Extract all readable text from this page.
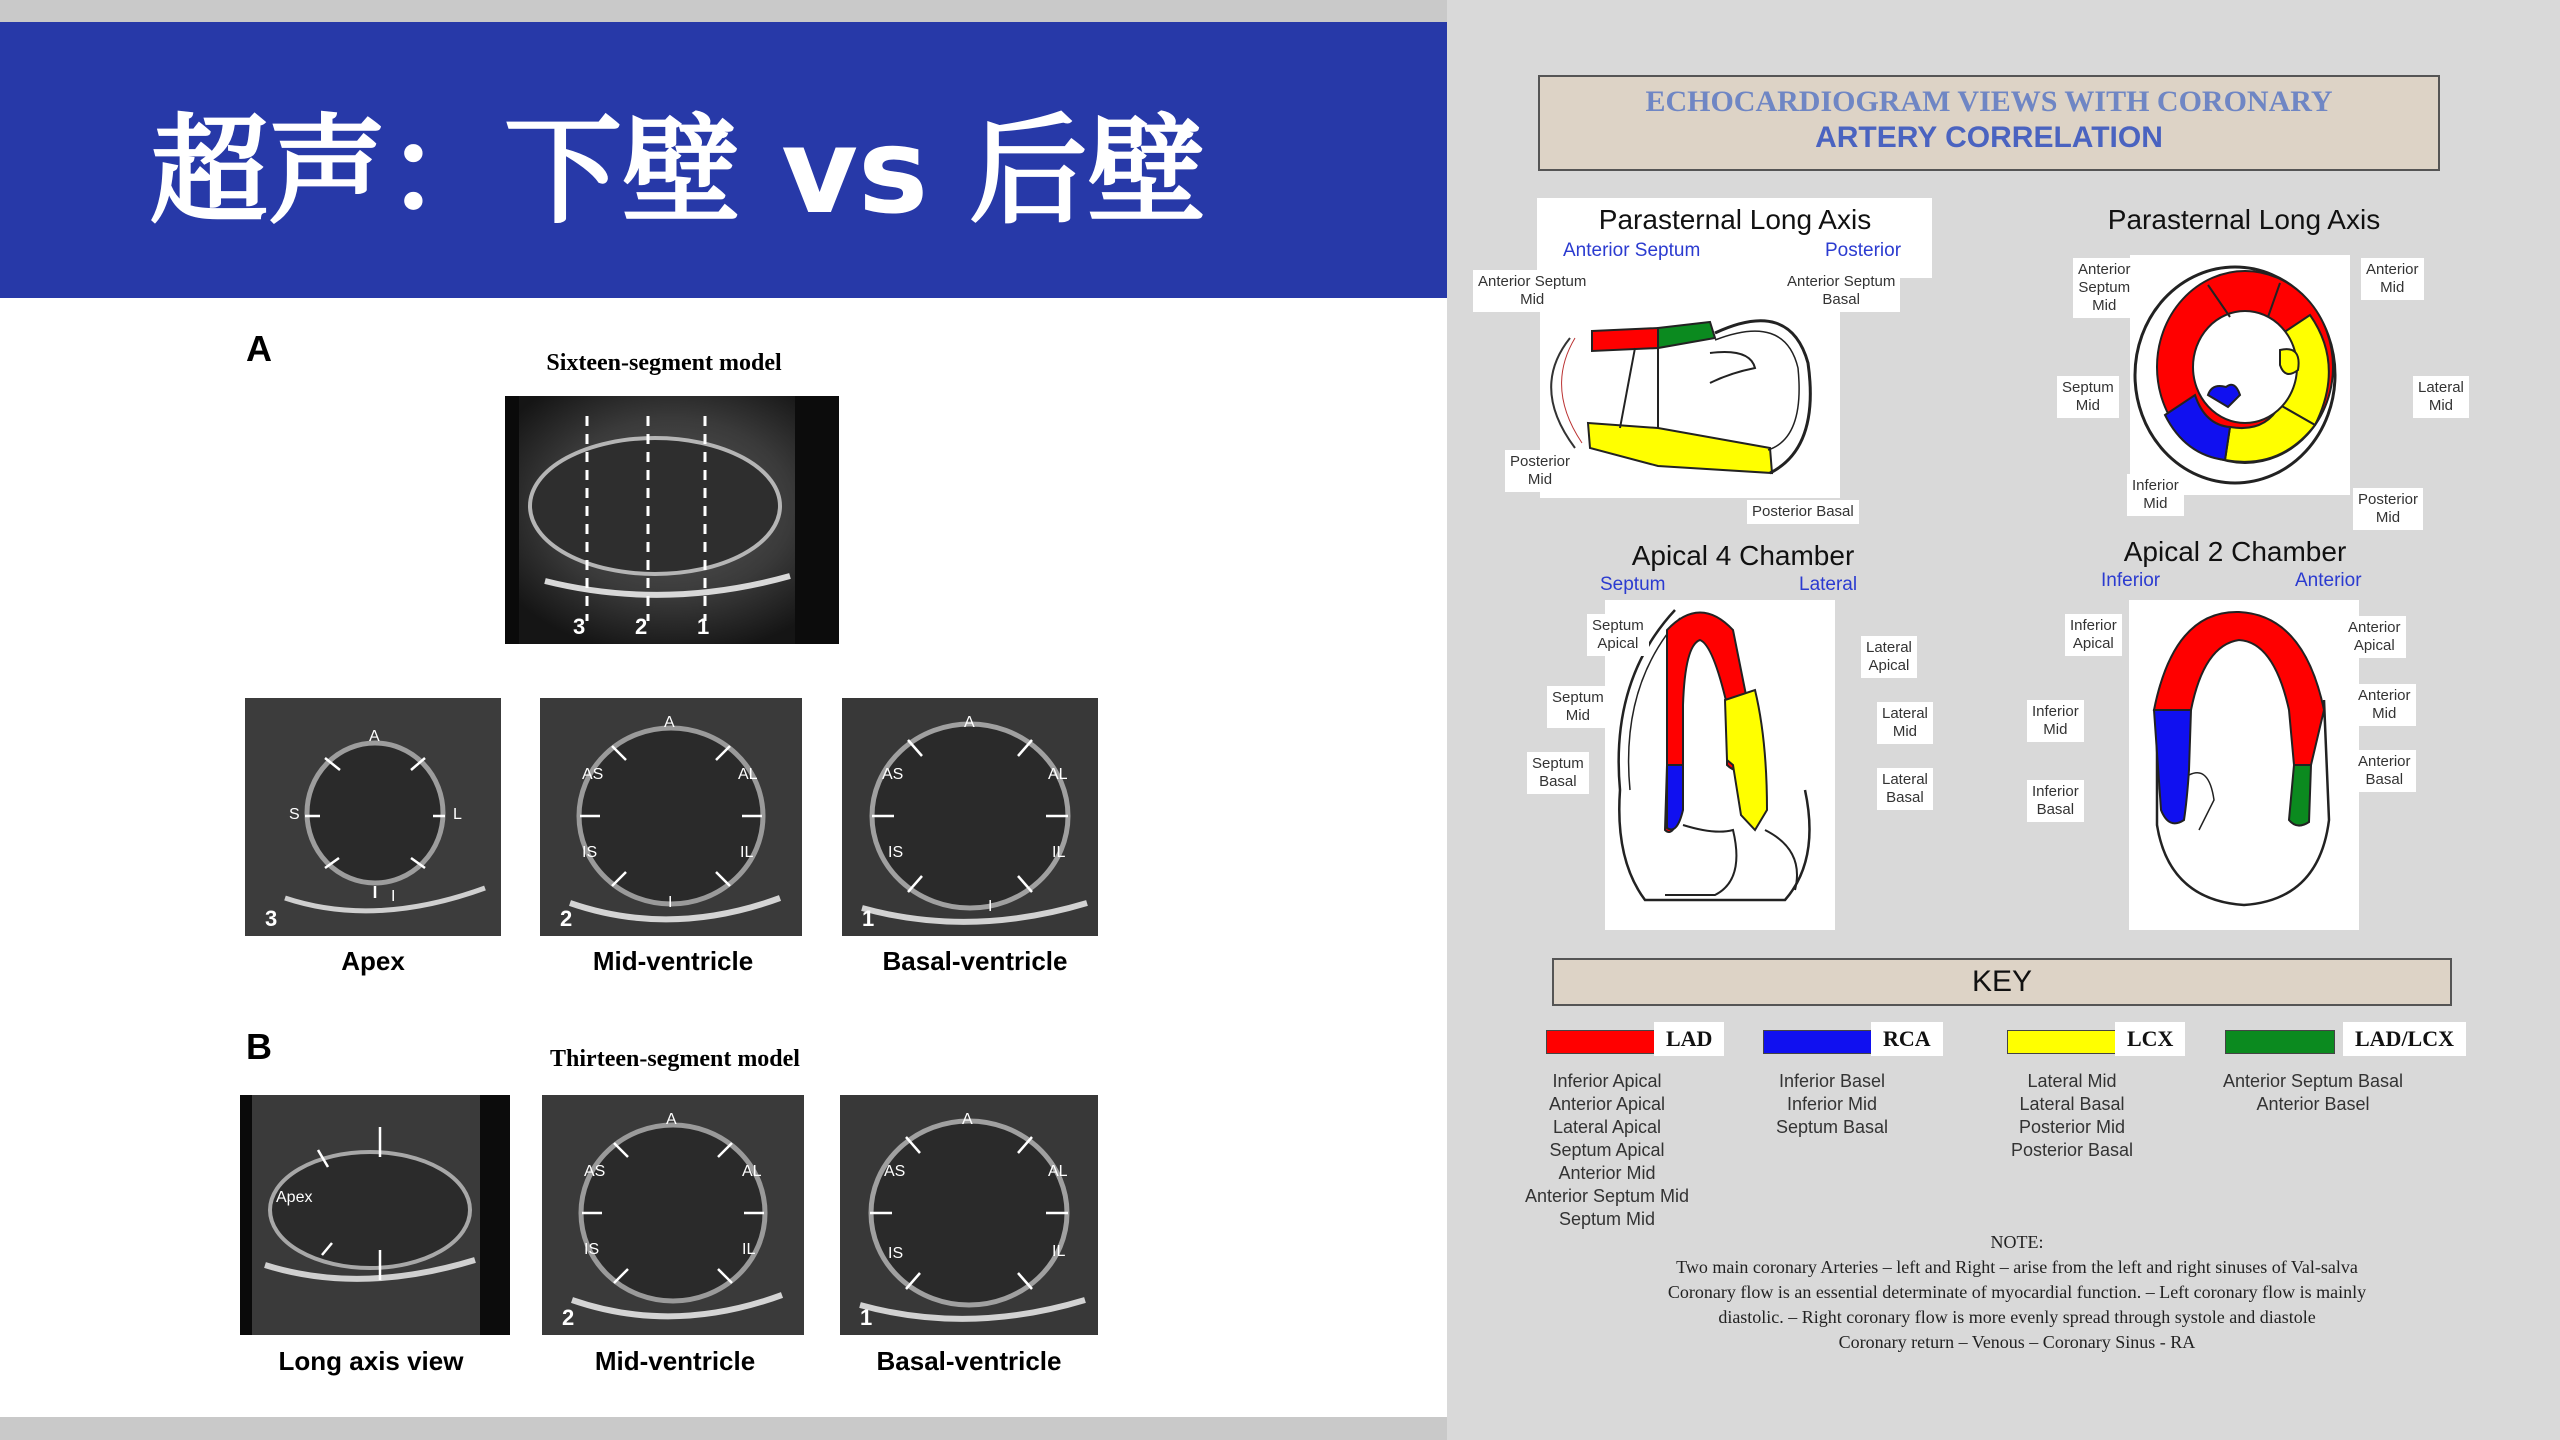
超声：下壁 vs 后壁
A	Sixteen-segment model
3 2 1
A
S	L
I
3
Apex
A
AS	AL
IS	IL
I
2
Mid-ventricle
A
AS	AL
IS	IL
I
1
Basal-ventricle
B	Thirteen-segment model
Apex
Long axis view
A
AS	AL
IS	IL
2
Mid-ventricle
A
AS	AL
IS	IL
1
Basal-ventricle
ECHOCARDIOGRAM VIEWS WITH CORONARY
ARTERY CORRELATION
Parasternal Long Axis
Anterior Septum	Posterior
Anterior Septum
Mid
Anterior Septum
Basal
Posterior
Mid
Posterior Basal
Parasternal Long Axis
Anterior
Septum
Mid
Anterior
Mid
Septum
Mid
Lateral
Mid
Inferior
Mid	Posterior
Mid
Apical 4 Chamber
Septum	Lateral
Septum
Apical
Septum
Mid
Septum
Basal
Lateral
Apical
Lateral
Mid
Lateral
Basal
Apical 2 Chamber
Inferior	Anterior
Inferior
Apical
Inferior
Mid
Inferior
Basal
Anterior
Apical
Anterior
Mid
Anterior
Basal
KEY
LAD
Inferior Apical
Anterior Apical
Lateral Apical
Septum Apical
Anterior Mid
Anterior Septum Mid
Septum Mid
RCA
Inferior Basel
Inferior Mid
Septum Basal
LCX
Lateral Mid
Lateral Basal
Posterior Mid
Posterior Basal
LAD/LCX
Anterior Septum Basal
Anterior Basel
NOTE:
Two main coronary Arteries – left and Right – arise from the left and right sinuses of Val-salva
Coronary flow is an essential determinate of myocardial function. – Left coronary flow is mainly
diastolic. – Right coronary flow is more evenly spread through systole and diastole
Coronary return – Venous – Coronary Sinus - RA
